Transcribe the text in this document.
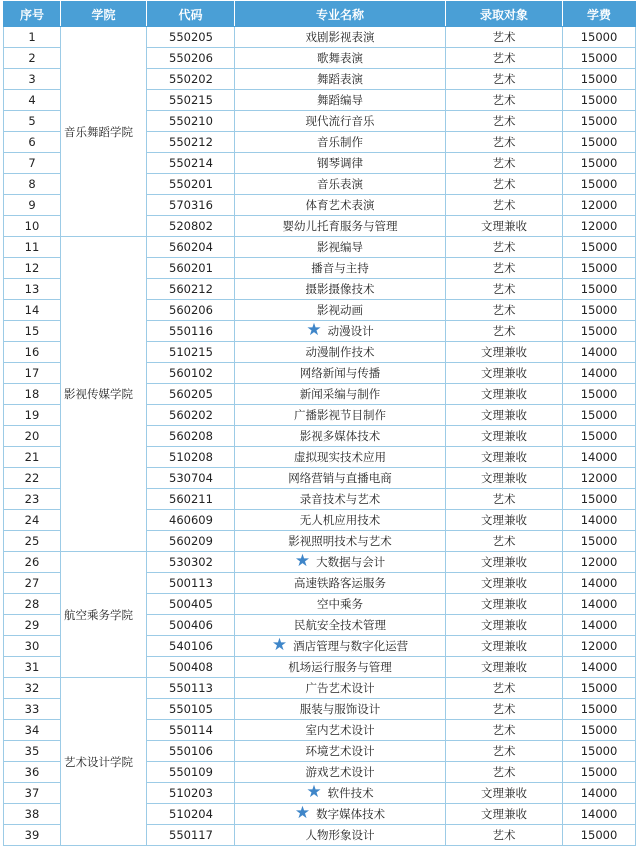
序号	学院	代码	专业名称	录取对象	学费
1	音乐舞蹈学院	550205	戏剧影视表演	艺术	15000
2		550206	歌舞表演	艺术	15000
3		550202	舞蹈表演	艺术	15000
4		550215	舞蹈编导	艺术	15000
5		550210	现代流行音乐	艺术	15000
6		550212	音乐制作	艺术	15000
7		550214	钢琴调律	艺术	15000
8		550201	音乐表演	艺术	15000
9		570316	体育艺术表演	艺术	12000
10		520802	婴幼儿托育服务与管理	文理兼收	12000
11	影视传媒学院	560204	影视编导	艺术	15000
12		560201	播音与主持	艺术	15000
13		560212	摄影摄像技术	艺术	15000
14		560206	影视动画	艺术	15000
15		550116	★ 动漫设计	艺术	15000
16		510215	动漫制作技术	文理兼收	14000
17		560102	网络新闻与传播	文理兼收	14000
18		560205	新闻采编与制作	文理兼收	15000
19		560202	广播影视节目制作	文理兼收	15000
20		560208	影视多媒体技术	文理兼收	15000
21		510208	虚拟现实技术应用	文理兼收	14000
22		530704	网络营销与直播电商	文理兼收	12000
23		560211	录音技术与艺术	艺术	15000
24		460609	无人机应用技术	文理兼收	14000
25		560209	影视照明技术与艺术	艺术	15000
26	航空乘务学院	530302	★ 大数据与会计	文理兼收	12000
27		500113	高速铁路客运服务	文理兼收	14000
28		500405	空中乘务	文理兼收	14000
29		500406	民航安全技术管理	文理兼收	14000
30		540106	★ 酒店管理与数字化运营	文理兼收	12000
31		500408	机场运行服务与管理	文理兼收	14000
32	艺术设计学院	550113	广告艺术设计	艺术	15000
33		550105	服装与服饰设计	艺术	15000
34		550114	室内艺术设计	艺术	15000
35		550106	环境艺术设计	艺术	15000
36		550109	游戏艺术设计	艺术	15000
37		510203	★ 软件技术	文理兼收	14000
38		510204	★ 数字媒体技术	文理兼收	14000
39		550117	人物形象设计	艺术	15000
